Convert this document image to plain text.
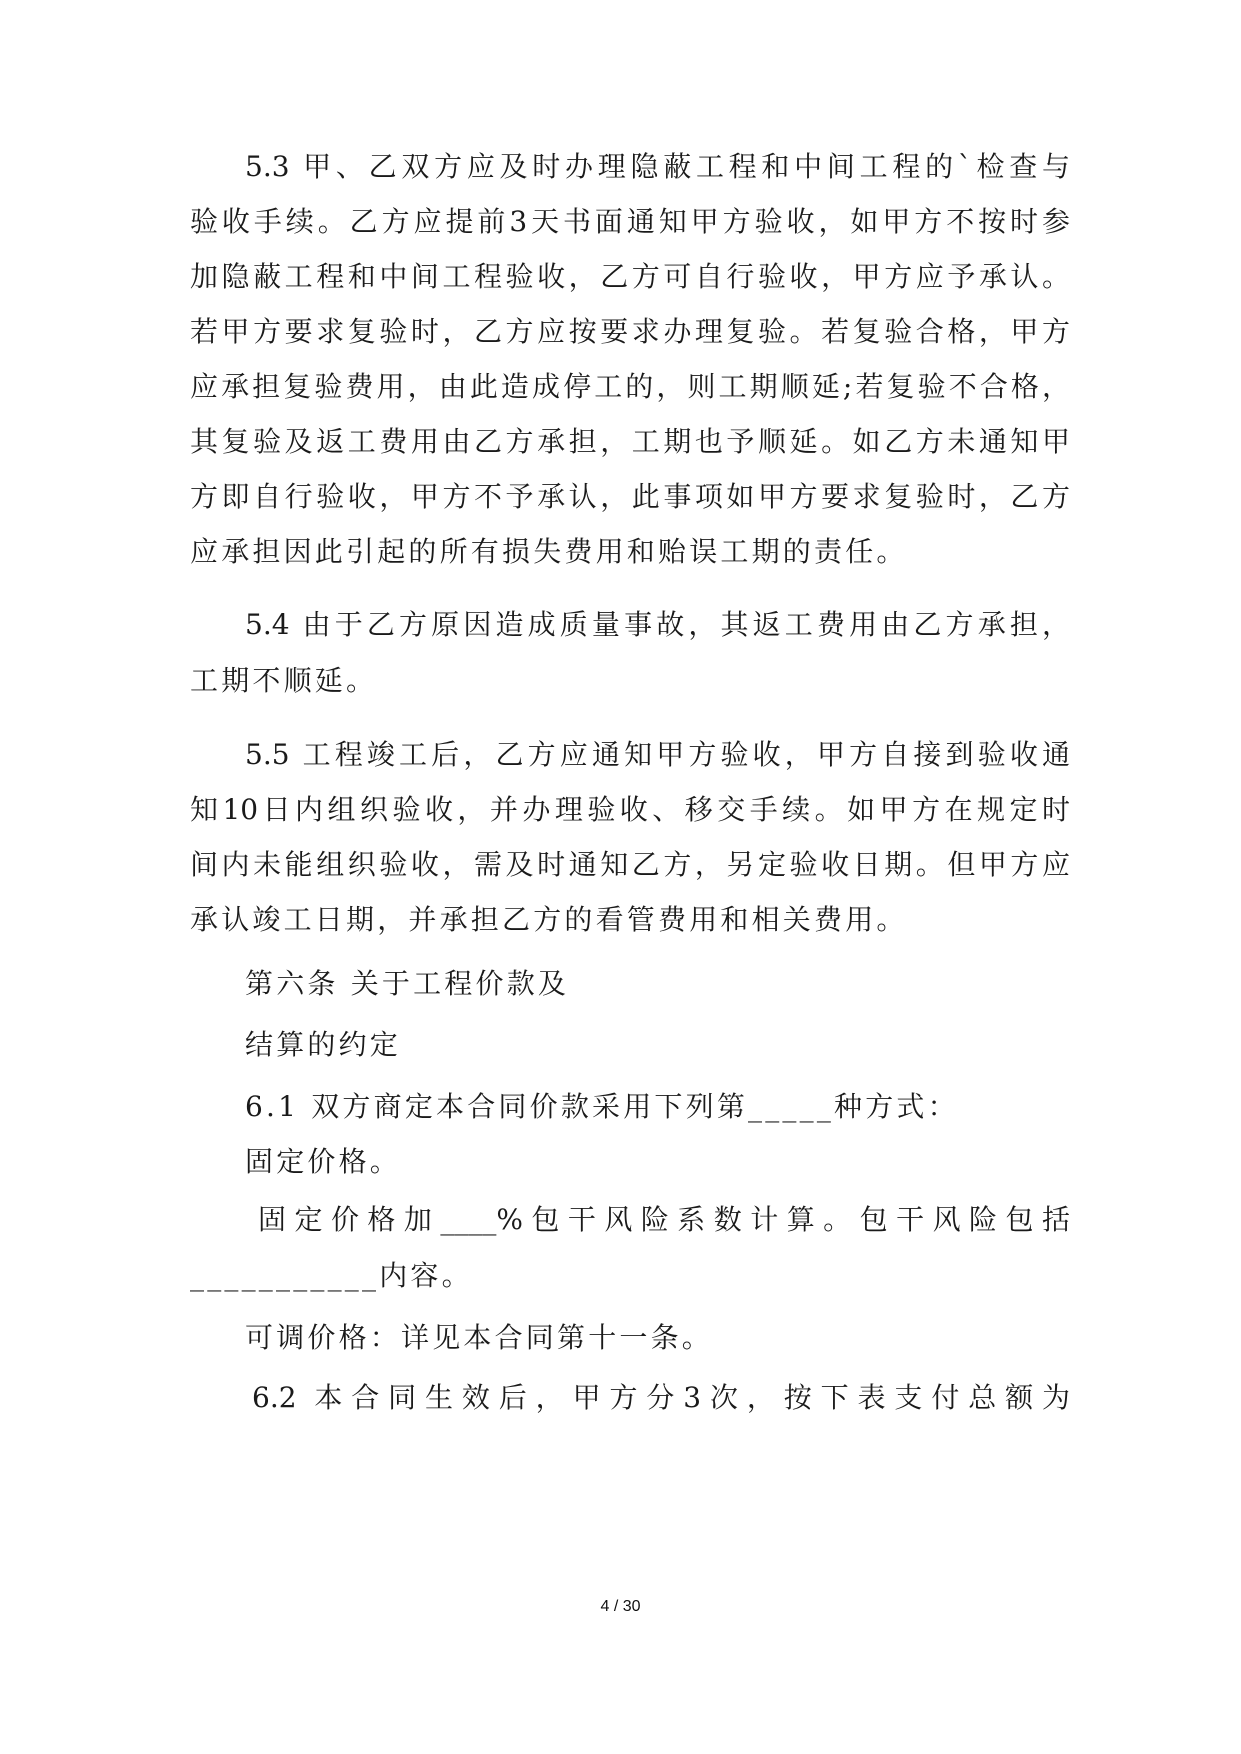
5.3 甲、乙双方应及时办理隐蔽工程和中间工程的`检查与
验收手续。乙方应提前3天书面通知甲方验收，如甲方不按时参
加隐蔽工程和中间工程验收，乙方可自行验收，甲方应予承认。
若甲方要求复验时，乙方应按要求办理复验。若复验合格，甲方
应承担复验费用，由此造成停工的，则工期顺延;若复验不合格，
其复验及返工费用由乙方承担，工期也予顺延。如乙方未通知甲
方即自行验收，甲方不予承认，此事项如甲方要求复验时，乙方
应承担因此引起的所有损失费用和贻误工期的责任。
5.4 由于乙方原因造成质量事故，其返工费用由乙方承担，
工期不顺延。
5.5 工程竣工后，乙方应通知甲方验收，甲方自接到验收通
知10日内组织验收，并办理验收、移交手续。如甲方在规定时
间内未能组织验收，需及时通知乙方，另定验收日期。但甲方应
承认竣工日期，并承担乙方的看管费用和相关费用。
第六条 关于工程价款及
结算的约定
6.1 双方商定本合同价款采用下列第_____种方式：
固定价格。
固定价格加____%包干风险系数计算。包干风险包括
___________内容。
可调价格：详见本合同第十一条。
6.2 本合同生效后，甲方分3次，按下表支付总额为
4 / 30
